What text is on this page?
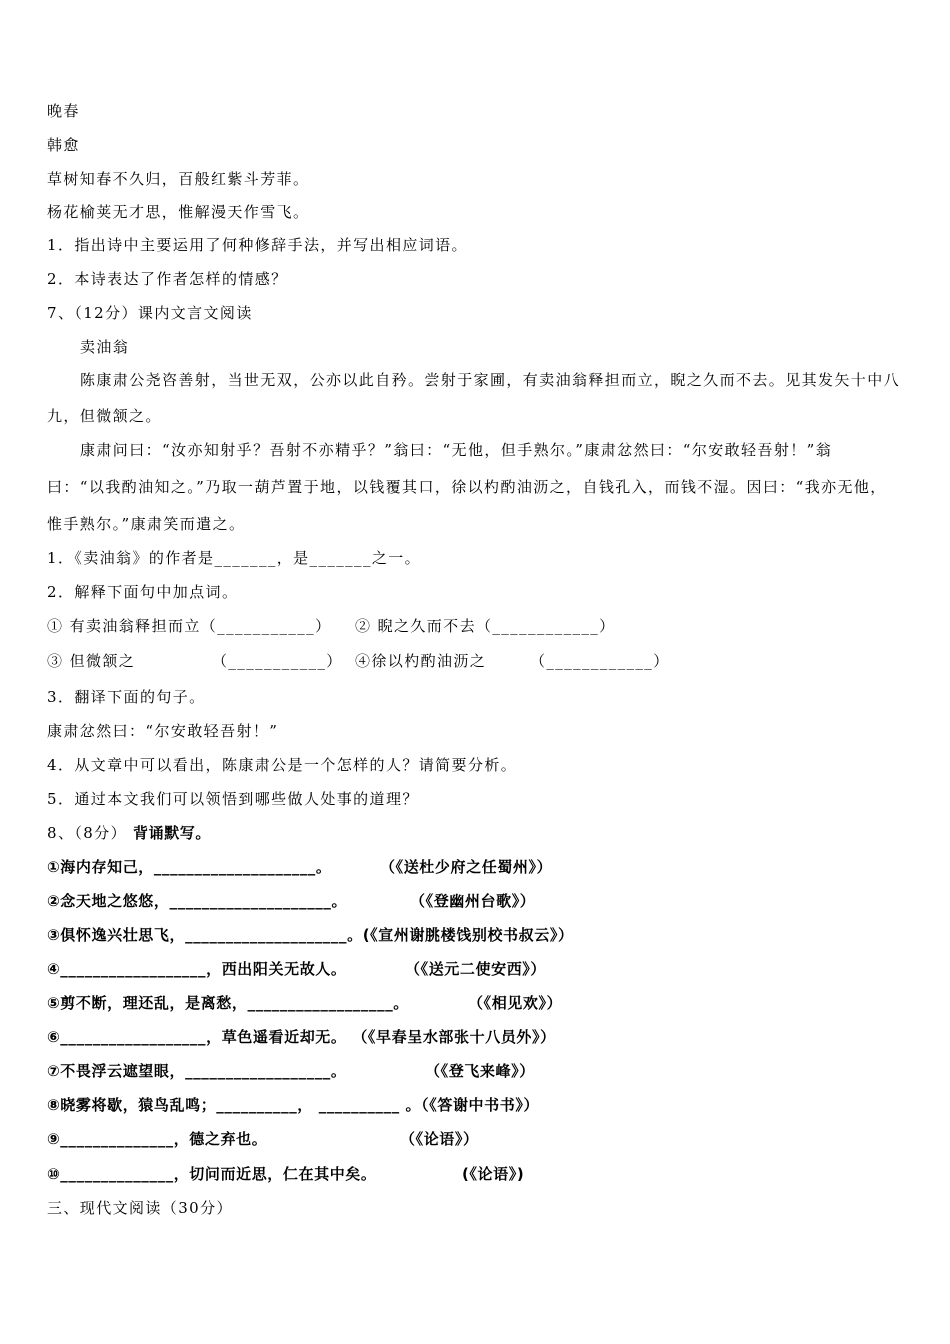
晚春
韩愈
草树知春不久归，百般红紫斗芳菲。
杨花榆荚无才思，惟解漫天作雪飞。
1．指出诗中主要运用了何种修辞手法，并写出相应词语。
2．本诗表达了作者怎样的情感？
7、（12分）课内文言文阅读
卖油翁
陈康肃公尧咨善射，当世无双，公亦以此自矜。尝射于家圃，有卖油翁释担而立，睨之久而不去。见其发矢十中八
九，但微颔之。
康肃问曰：“汝亦知射乎？吾射不亦精乎？”翁曰：“无他，但手熟尔。”康肃忿然曰：“尔安敢轻吾射！”翁
曰：“以我酌油知之。”乃取一葫芦置于地，以钱覆其口，徐以杓酌油沥之，自钱孔入，而钱不湿。因曰：“我亦无他，
惟手熟尔。”康肃笑而遣之。
1．《卖油翁》的作者是_______，是_______之一。
2．解释下面句中加点词。
① 有卖油翁释担而立（___________） ② 睨之久而不去（____________）
③ 但微颔之	（___________） ④徐以杓酌油沥之	（____________）
3．翻译下面的句子。
康肃忿然曰：“尔安敢轻吾射！”
4．从文章中可以看出，陈康肃公是一个怎样的人？请简要分析。
5．通过本文我们可以领悟到哪些做人处事的道理？
8、（8分） 背诵默写。
①海内存知己，____________________。	（《送杜少府之任蜀州》）
②念天地之悠悠，____________________。	（《登幽州台歌》）
③俱怀逸兴壮思飞，____________________。(《宣州谢朓楼饯别校书叔云》）
④__________________，西出阳关无故人。	（《送元二使安西》）
⑤剪不断，理还乱，是离愁，__________________。	（《相见欢》）
⑥__________________，草色遥看近却无。 （《早春呈水部张十八员外》）
⑦不畏浮云遮望眼，__________________。	（《登飞来峰》）
⑧晓雾将歇，猿鸟乱鸣；__________， __________ 。（《答谢中书书》）
⑨______________，德之弃也。	（《论语》）
⑩______________，切问而近思，仁在其中矣。	(《论语》)
三、现代文阅读（30分）
